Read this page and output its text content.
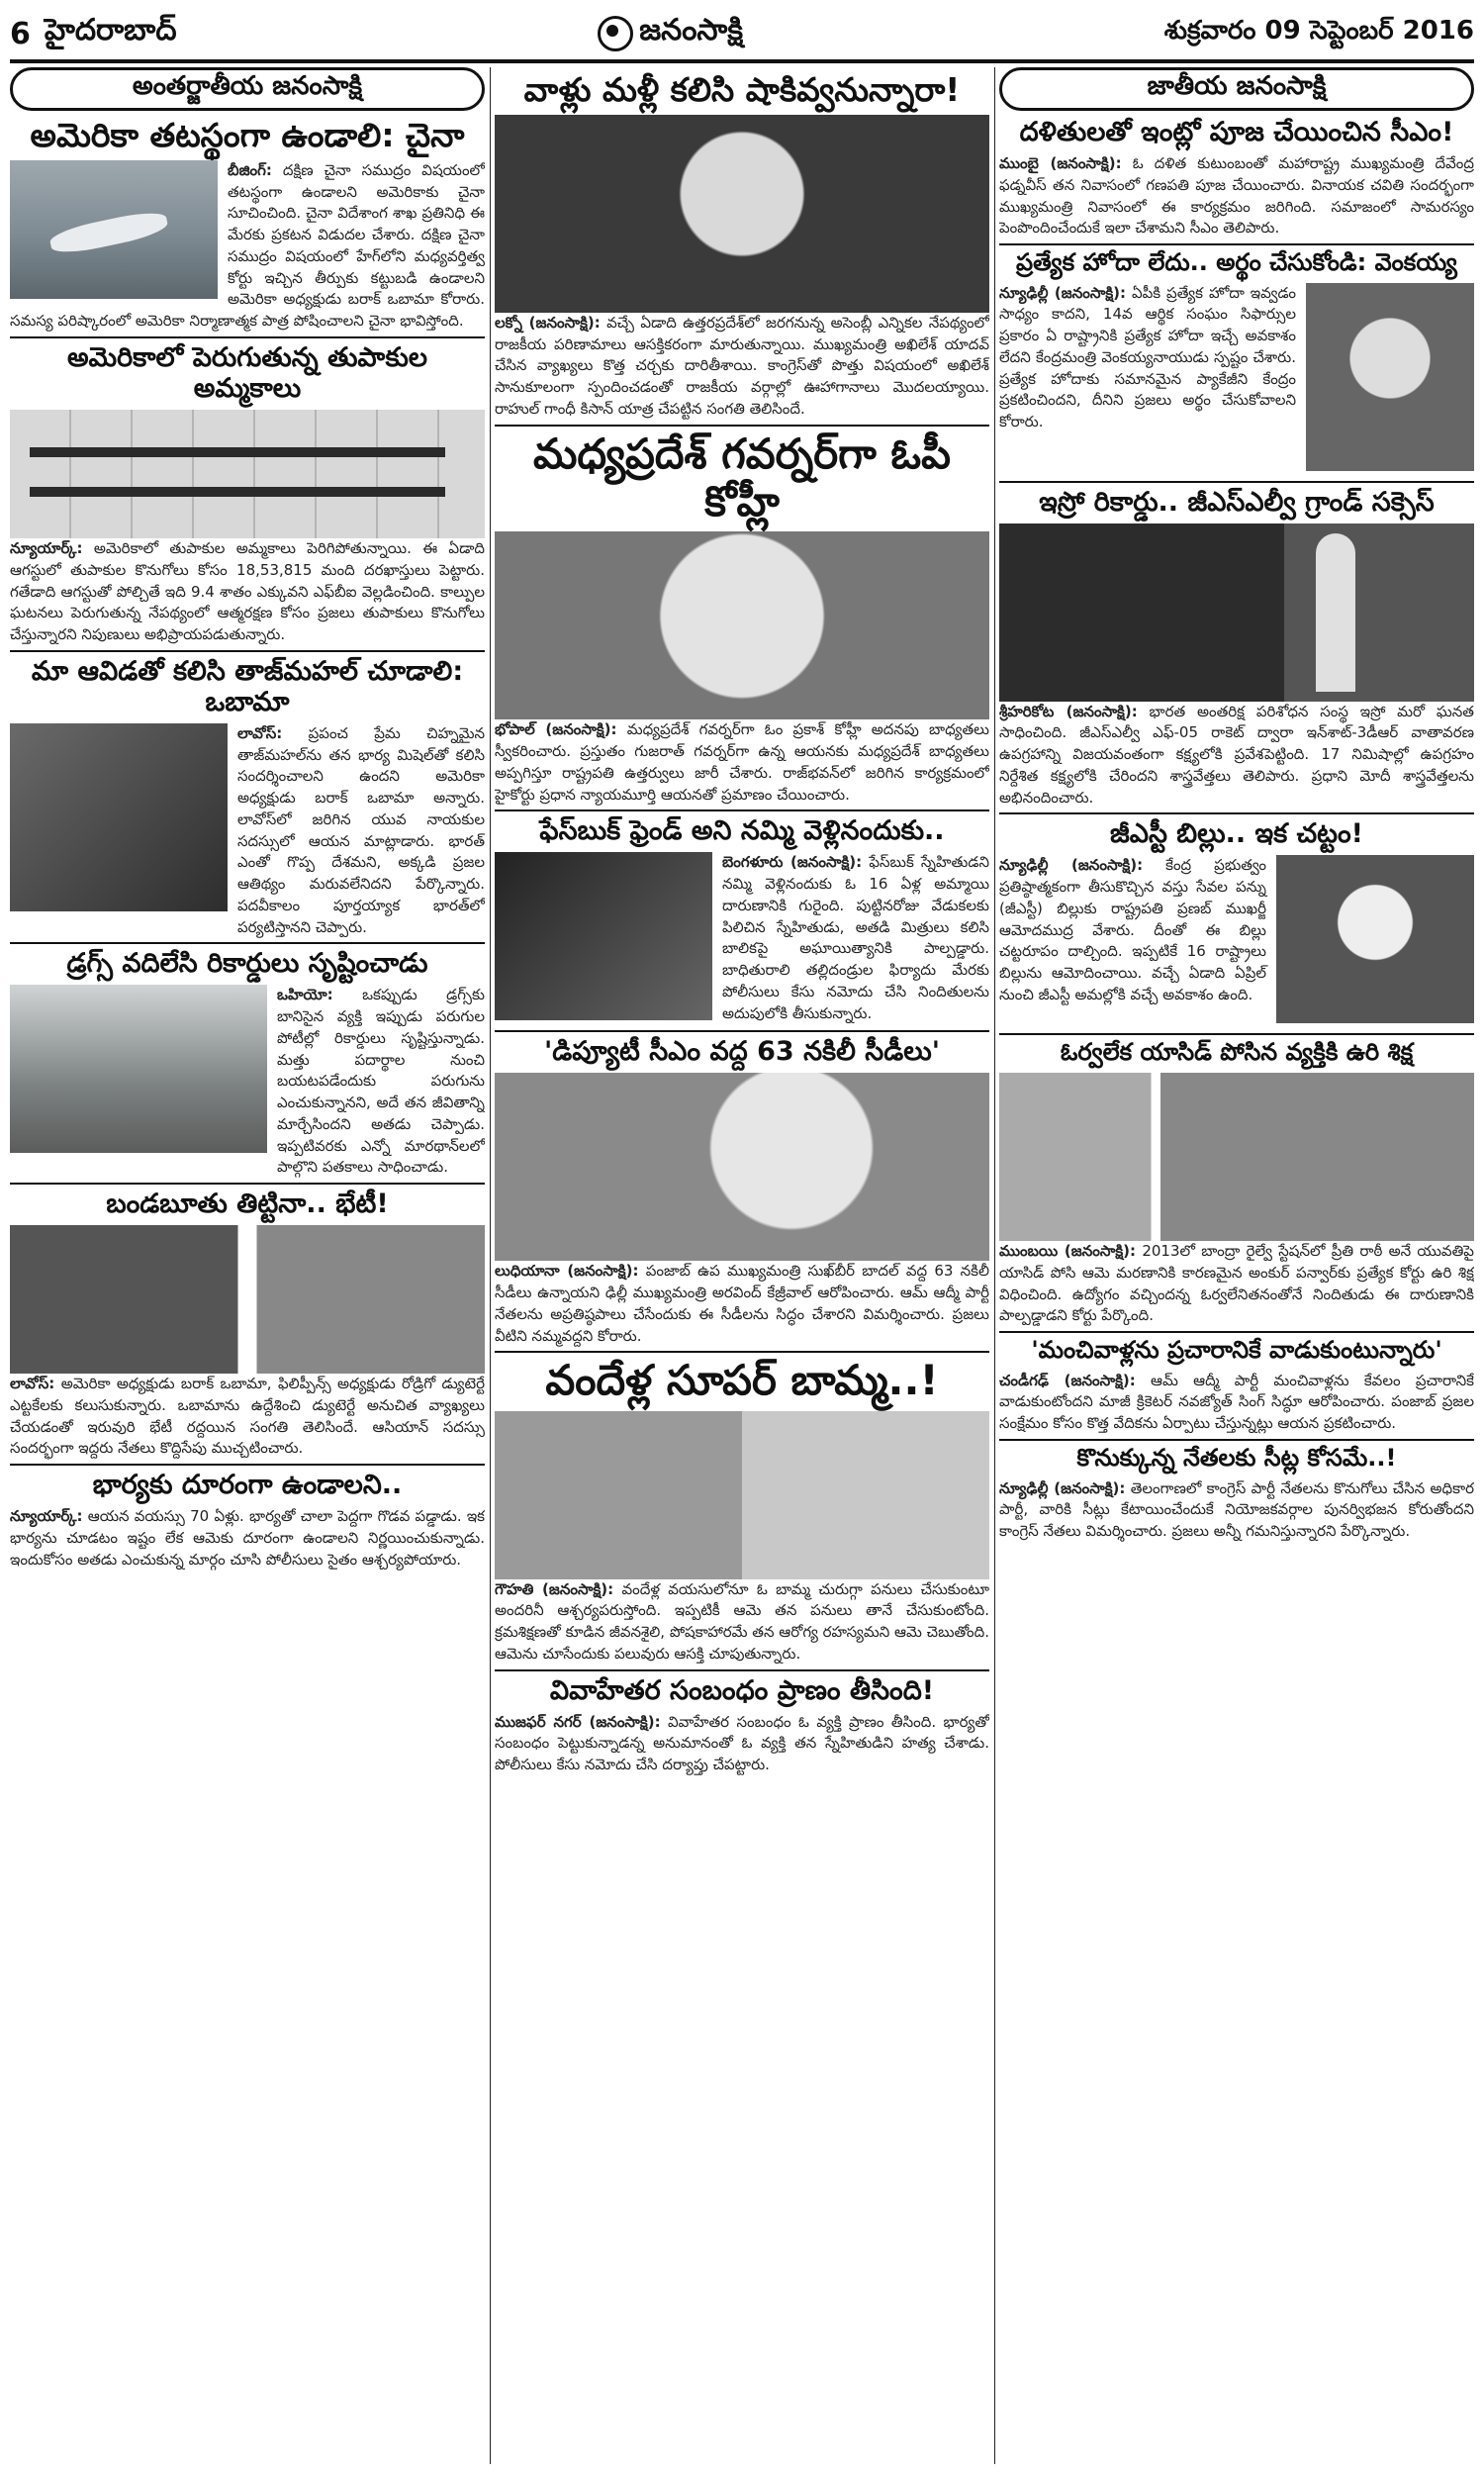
6 హైదరాబాద్	జనంసాక్షి	శుక్రవారం 09 సెప్టెంబర్ 2016
అంతర్జాతీయ జనంసాక్షి
అమెరికా తటస్థంగా ఉండాలి: చైనా
బీజింగ్: దక్షిణ చైనా సముద్రం విషయంలో తటస్థంగా ఉండాలని అమెరికాకు చైనా సూచించింది. చైనా విదేశాంగ శాఖ ప్రతినిధి ఈ మేరకు ప్రకటన విడుదల చేశారు. దక్షిణ చైనా సముద్రం విషయంలో హేగ్‌లోని మధ్యవర్తిత్వ కోర్టు ఇచ్చిన తీర్పుకు కట్టుబడి ఉండాలని అమెరికా అధ్యక్షుడు బరాక్ ఒబామా కోరారు. సమస్య పరిష్కారంలో అమెరికా నిర్మాణాత్మక పాత్ర పోషించాలని చైనా భావిస్తోంది.
అమెరికాలో పెరుగుతున్న తుపాకుల అమ్మకాలు
న్యూయార్క్: అమెరికాలో తుపాకుల అమ్మకాలు పెరిగిపోతున్నాయి. ఈ ఏడాది ఆగస్టులో తుపాకుల కొనుగోలు కోసం 18,53,815 మంది దరఖాస్తులు పెట్టారు. గతేడాది ఆగస్టుతో పోల్చితే ఇది 9.4 శాతం ఎక్కువని ఎఫ్‌బీఐ వెల్లడించింది. కాల్పుల ఘటనలు పెరుగుతున్న నేపథ్యంలో ఆత్మరక్షణ కోసం ప్రజలు తుపాకులు కొనుగోలు చేస్తున్నారని నిపుణులు అభిప్రాయపడుతున్నారు.
మా ఆవిడతో కలిసి తాజ్‌మహల్ చూడాలి: ఒబామా
లావోస్: ప్రపంచ ప్రేమ చిహ్నమైన తాజ్‌మహల్‌ను తన భార్య మిషెల్‌తో కలిసి సందర్శించాలని ఉందని అమెరికా అధ్యక్షుడు బరాక్ ఒబామా అన్నారు. లావోస్‌లో జరిగిన యువ నాయకుల సదస్సులో ఆయన మాట్లాడారు. భారత్ ఎంతో గొప్ప దేశమని, అక్కడి ప్రజల ఆతిథ్యం మరువలేనిదని పేర్కొన్నారు. పదవీకాలం పూర్తయ్యాక భారత్‌లో పర్యటిస్తానని చెప్పారు.
డ్రగ్స్ వదిలేసి రికార్డులు సృష్టించాడు
ఒహియో: ఒకప్పుడు డ్రగ్స్‌కు బానిసైన వ్యక్తి ఇప్పుడు పరుగుల పోటీల్లో రికార్డులు సృష్టిస్తున్నాడు. మత్తు పదార్థాల నుంచి బయటపడేందుకు పరుగును ఎంచుకున్నానని, అదే తన జీవితాన్ని మార్చేసిందని అతడు చెప్పాడు. ఇప్పటివరకు ఎన్నో మారథాన్‌లలో పాల్గొని పతకాలు సాధించాడు.
బండబూతు తిట్టినా.. భేటీ!
లావోస్: అమెరికా అధ్యక్షుడు బరాక్ ఒబామా, ఫిలిప్పీన్స్ అధ్యక్షుడు రోడ్రిగో డ్యుటెర్టే ఎట్టకేలకు కలుసుకున్నారు. ఒబామాను ఉద్దేశించి డ్యుటెర్టే అనుచిత వ్యాఖ్యలు చేయడంతో ఇరువురి భేటీ రద్దయిన సంగతి తెలిసిందే. ఆసియాన్ సదస్సు సందర్భంగా ఇద్దరు నేతలు కొద్దిసేపు ముచ్చటించారు.
భార్యకు దూరంగా ఉండాలని..
న్యూయార్క్: ఆయన వయస్సు 70 ఏళ్లు. భార్యతో చాలా పెద్దగా గొడవ పడ్డాడు. ఇక భార్యను చూడటం ఇష్టం లేక ఆమెకు దూరంగా ఉండాలని నిర్ణయించుకున్నాడు. ఇందుకోసం అతడు ఎంచుకున్న మార్గం చూసి పోలీసులు సైతం ఆశ్చర్యపోయారు.
వాళ్లు మళ్లీ కలిసి షాకివ్వనున్నారా!
లక్నో (జనంసాక్షి): వచ్చే ఏడాది ఉత్తరప్రదేశ్‌లో జరగనున్న అసెంబ్లీ ఎన్నికల నేపథ్యంలో రాజకీయ పరిణామాలు ఆసక్తికరంగా మారుతున్నాయి. ముఖ్యమంత్రి అఖిలేశ్ యాదవ్ చేసిన వ్యాఖ్యలు కొత్త చర్చకు దారితీశాయి. కాంగ్రెస్‌తో పొత్తు విషయంలో అఖిలేశ్ సానుకూలంగా స్పందించడంతో రాజకీయ వర్గాల్లో ఊహాగానాలు మొదలయ్యాయి. రాహుల్ గాంధీ కిసాన్ యాత్ర చేపట్టిన సంగతి తెలిసిందే.
మధ్యప్రదేశ్ గవర్నర్‌గా ఓపీ కోహ్లీ
భోపాల్ (జనంసాక్షి): మధ్యప్రదేశ్ గవర్నర్‌గా ఓం ప్రకాశ్ కోహ్లీ అదనపు బాధ్యతలు స్వీకరించారు. ప్రస్తుతం గుజరాత్ గవర్నర్‌గా ఉన్న ఆయనకు మధ్యప్రదేశ్ బాధ్యతలు అప్పగిస్తూ రాష్ట్రపతి ఉత్తర్వులు జారీ చేశారు. రాజ్‌భవన్‌లో జరిగిన కార్యక్రమంలో హైకోర్టు ప్రధాన న్యాయమూర్తి ఆయనతో ప్రమాణం చేయించారు.
ఫేస్‌బుక్ ఫ్రెండ్ అని నమ్మి వెళ్లినందుకు..
బెంగళూరు (జనంసాక్షి): ఫేస్‌బుక్ స్నేహితుడని నమ్మి వెళ్లినందుకు ఓ 16 ఏళ్ల అమ్మాయి దారుణానికి గురైంది. పుట్టినరోజు వేడుకలకు పిలిచిన స్నేహితుడు, అతడి మిత్రులు కలిసి బాలికపై అఘాయిత్యానికి పాల్పడ్డారు. బాధితురాలి తల్లిదండ్రుల ఫిర్యాదు మేరకు పోలీసులు కేసు నమోదు చేసి నిందితులను అదుపులోకి తీసుకున్నారు.
'డిప్యూటీ సీఎం వద్ద 63 నకిలీ సీడీలు'
లుధియానా (జనంసాక్షి): పంజాబ్ ఉప ముఖ్యమంత్రి సుఖ్‌బీర్ బాదల్ వద్ద 63 నకిలీ సీడీలు ఉన్నాయని ఢిల్లీ ముఖ్యమంత్రి అరవింద్ కేజ్రీవాల్ ఆరోపించారు. ఆమ్ ఆద్మీ పార్టీ నేతలను అప్రతిష్ఠపాలు చేసేందుకు ఈ సీడీలను సిద్ధం చేశారని విమర్శించారు. ప్రజలు వీటిని నమ్మవద్దని కోరారు.
వందేళ్ల సూపర్ బామ్మ..!
గౌహతి (జనంసాక్షి): వందేళ్ల వయసులోనూ ఓ బామ్మ చురుగ్గా పనులు చేసుకుంటూ అందరినీ ఆశ్చర్యపరుస్తోంది. ఇప్పటికీ ఆమె తన పనులు తానే చేసుకుంటోంది. క్రమశిక్షణతో కూడిన జీవనశైలి, పోషకాహారమే తన ఆరోగ్య రహస్యమని ఆమె చెబుతోంది. ఆమెను చూసేందుకు పలువురు ఆసక్తి చూపుతున్నారు.
వివాహేతర సంబంధం ప్రాణం తీసింది!
ముజఫర్ నగర్ (జనంసాక్షి): వివాహేతర సంబంధం ఓ వ్యక్తి ప్రాణం తీసింది. భార్యతో సంబంధం పెట్టుకున్నాడన్న అనుమానంతో ఓ వ్యక్తి తన స్నేహితుడిని హత్య చేశాడు. పోలీసులు కేసు నమోదు చేసి దర్యాప్తు చేపట్టారు.
జాతీయ జనంసాక్షి
దళితులతో ఇంట్లో పూజ చేయించిన సీఎం!
ముంబై (జనంసాక్షి): ఓ దళిత కుటుంబంతో మహారాష్ట్ర ముఖ్యమంత్రి దేవేంద్ర ఫడ్నవీస్ తన నివాసంలో గణపతి పూజ చేయించారు. వినాయక చవితి సందర్భంగా ముఖ్యమంత్రి నివాసంలో ఈ కార్యక్రమం జరిగింది. సమాజంలో సామరస్యం పెంపొందించేందుకే ఇలా చేశామని సీఎం తెలిపారు.
ప్రత్యేక హోదా లేదు.. అర్థం చేసుకోండి: వెంకయ్య
న్యూఢిల్లీ (జనంసాక్షి): ఏపీకి ప్రత్యేక హోదా ఇవ్వడం సాధ్యం కాదని, 14వ ఆర్థిక సంఘం సిఫార్సుల ప్రకారం ఏ రాష్ట్రానికి ప్రత్యేక హోదా ఇచ్చే అవకాశం లేదని కేంద్రమంత్రి వెంకయ్యనాయుడు స్పష్టం చేశారు. ప్రత్యేక హోదాకు సమానమైన ప్యాకేజీని కేంద్రం ప్రకటించిందని, దీనిని ప్రజలు అర్థం చేసుకోవాలని కోరారు.
ఇస్రో రికార్డు.. జీఎస్ఎల్వీ గ్రాండ్ సక్సెస్
శ్రీహరికోట (జనంసాక్షి): భారత అంతరిక్ష పరిశోధన సంస్థ ఇస్రో మరో ఘనత సాధించింది. జీఎస్ఎల్వీ ఎఫ్-05 రాకెట్ ద్వారా ఇన్‌శాట్-3డీఆర్ వాతావరణ ఉపగ్రహాన్ని విజయవంతంగా కక్ష్యలోకి ప్రవేశపెట్టింది. 17 నిమిషాల్లో ఉపగ్రహం నిర్దేశిత కక్ష్యలోకి చేరిందని శాస్త్రవేత్తలు తెలిపారు. ప్రధాని మోదీ శాస్త్రవేత్తలను అభినందించారు.
జీఎస్టీ బిల్లు.. ఇక చట్టం!
న్యూఢిల్లీ (జనంసాక్షి): కేంద్ర ప్రభుత్వం ప్రతిష్ఠాత్మకంగా తీసుకొచ్చిన వస్తు సేవల పన్ను (జీఎస్టీ) బిల్లుకు రాష్ట్రపతి ప్రణబ్ ముఖర్జీ ఆమోదముద్ర వేశారు. దీంతో ఈ బిల్లు చట్టరూపం దాల్చింది. ఇప్పటికే 16 రాష్ట్రాలు బిల్లును ఆమోదించాయి. వచ్చే ఏడాది ఏప్రిల్ నుంచి జీఎస్టీ అమల్లోకి వచ్చే అవకాశం ఉంది.
ఓర్వలేక యాసిడ్ పోసిన వ్యక్తికి ఉరి శిక్ష
ముంబయి (జనంసాక్షి): 2013లో బాంద్రా రైల్వే స్టేషన్‌లో ప్రీతి రాఠీ అనే యువతిపై యాసిడ్ పోసి ఆమె మరణానికి కారణమైన అంకుర్ పన్వార్‌కు ప్రత్యేక కోర్టు ఉరి శిక్ష విధించింది. ఉద్యోగం వచ్చిందన్న ఓర్వలేనితనంతోనే నిందితుడు ఈ దారుణానికి పాల్పడ్డాడని కోర్టు పేర్కొంది.
'మంచివాళ్లను ప్రచారానికే వాడుకుంటున్నారు'
చండీగఢ్ (జనంసాక్షి): ఆమ్ ఆద్మీ పార్టీ మంచివాళ్లను కేవలం ప్రచారానికే వాడుకుంటోందని మాజీ క్రికెటర్ నవజ్యోత్ సింగ్ సిద్ధూ ఆరోపించారు. పంజాబ్ ప్రజల సంక్షేమం కోసం కొత్త వేదికను ఏర్పాటు చేస్తున్నట్లు ఆయన ప్రకటించారు.
కొనుక్కున్న నేతలకు సీట్ల కోసమే..!
న్యూఢిల్లీ (జనంసాక్షి): తెలంగాణలో కాంగ్రెస్ పార్టీ నేతలను కొనుగోలు చేసిన అధికార పార్టీ, వారికి సీట్లు కేటాయించేందుకే నియోజకవర్గాల పునర్విభజన కోరుతోందని కాంగ్రెస్ నేతలు విమర్శించారు. ప్రజలు అన్నీ గమనిస్తున్నారని పేర్కొన్నారు.
